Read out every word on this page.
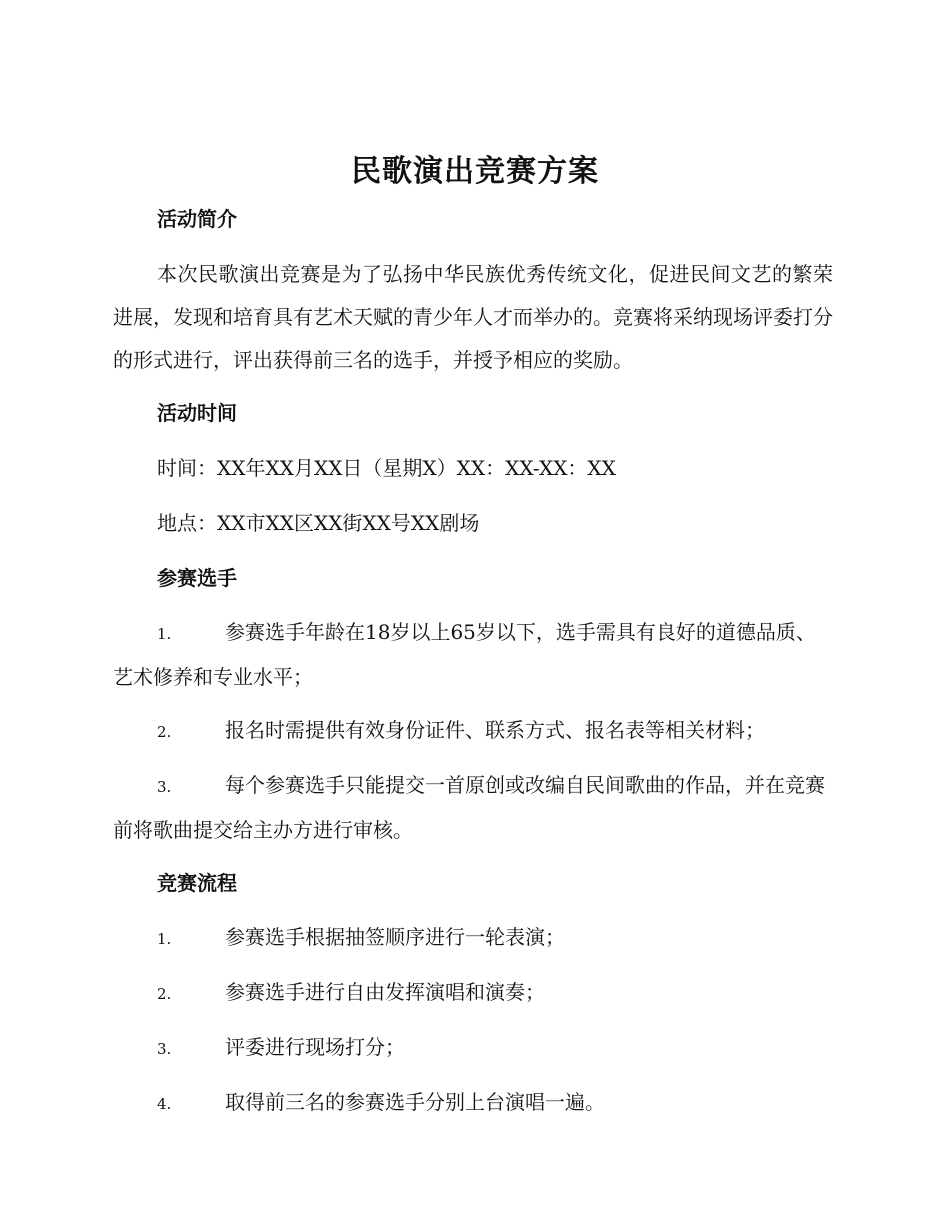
民歌演出竞赛方案
活动简介
本次民歌演出竞赛是为了弘扬中华民族优秀传统文化，促进民间文艺的繁荣进展，发现和培育具有艺术天赋的青少年人才而举办的。竞赛将采纳现场评委打分的形式进行，评出获得前三名的选手，并授予相应的奖励。
活动时间
时间：XX年XX月XX日（星期X）XX：XX-XX：XX
地点：XX市XX区XX街XX号XX剧场
参赛选手
1.	参赛选手年龄在18岁以上65岁以下，选手需具有良好的道德品质、艺术修养和专业水平；
2.	报名时需提供有效身份证件、联系方式、报名表等相关材料；
3.	每个参赛选手只能提交一首原创或改编自民间歌曲的作品，并在竞赛前将歌曲提交给主办方进行审核。
竞赛流程
1.	参赛选手根据抽签顺序进行一轮表演；
2.	参赛选手进行自由发挥演唱和演奏；
3.	评委进行现场打分；
4.	取得前三名的参赛选手分别上台演唱一遍。
